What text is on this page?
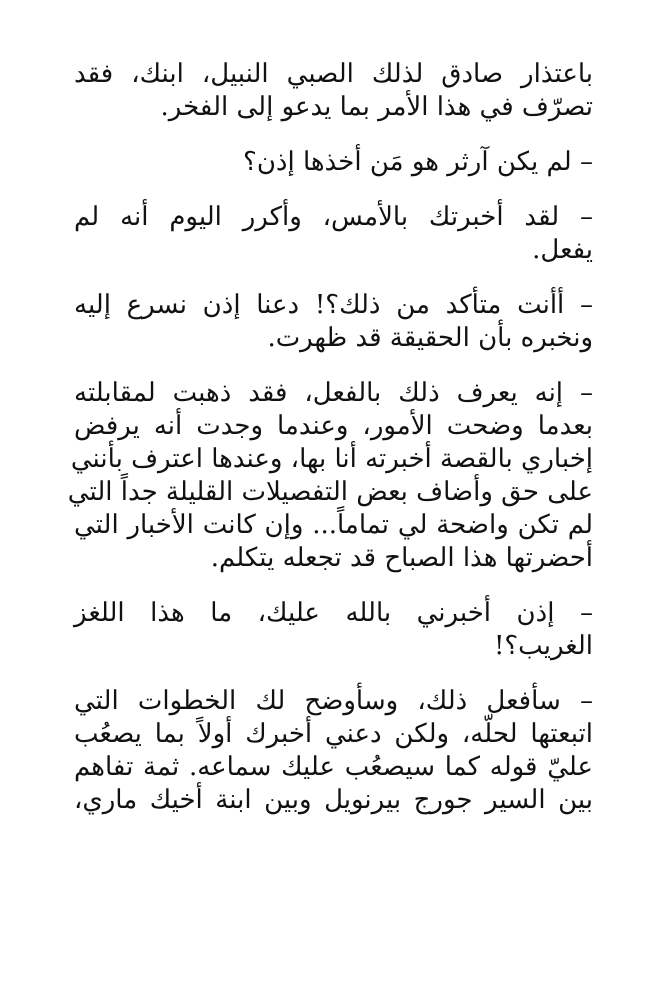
باعتذار صادق لذلك الصبي النبيل، ابنك، فقد
تصرّف في هذا الأمر بما يدعو إلى الفخر.
– لم يكن آرثر هو مَن أخذها إذن؟
– لقد أخبرتك بالأمس، وأكرر اليوم أنه لم
يفعل.
– أأنت متأكد من ذلك؟! دعنا إذن نسرع إليه
ونخبره بأن الحقيقة قد ظهرت.
– إنه يعرف ذلك بالفعل، فقد ذهبت لمقابلته
بعدما وضحت الأمور، وعندما وجدت أنه يرفض
إخباري بالقصة أخبرته أنا بها، وعندها اعترف بأنني
على حق وأضاف بعض التفصيلات القليلة جداً التي
لم تكن واضحة لي تماماً... وإن كانت الأخبار التي
أحضرتها هذا الصباح قد تجعله يتكلم.
– إذن أخبرني بالله عليك، ما هذا اللغز
الغريب؟!
– سأفعل ذلك، وسأوضح لك الخطوات التي
اتبعتها لحلّه، ولكن دعني أخبرك أولاً بما يصعُب
عليّ قوله كما سيصعُب عليك سماعه. ثمة تفاهم
بين السير جورج بيرنويل وبين ابنة أخيك ماري،
